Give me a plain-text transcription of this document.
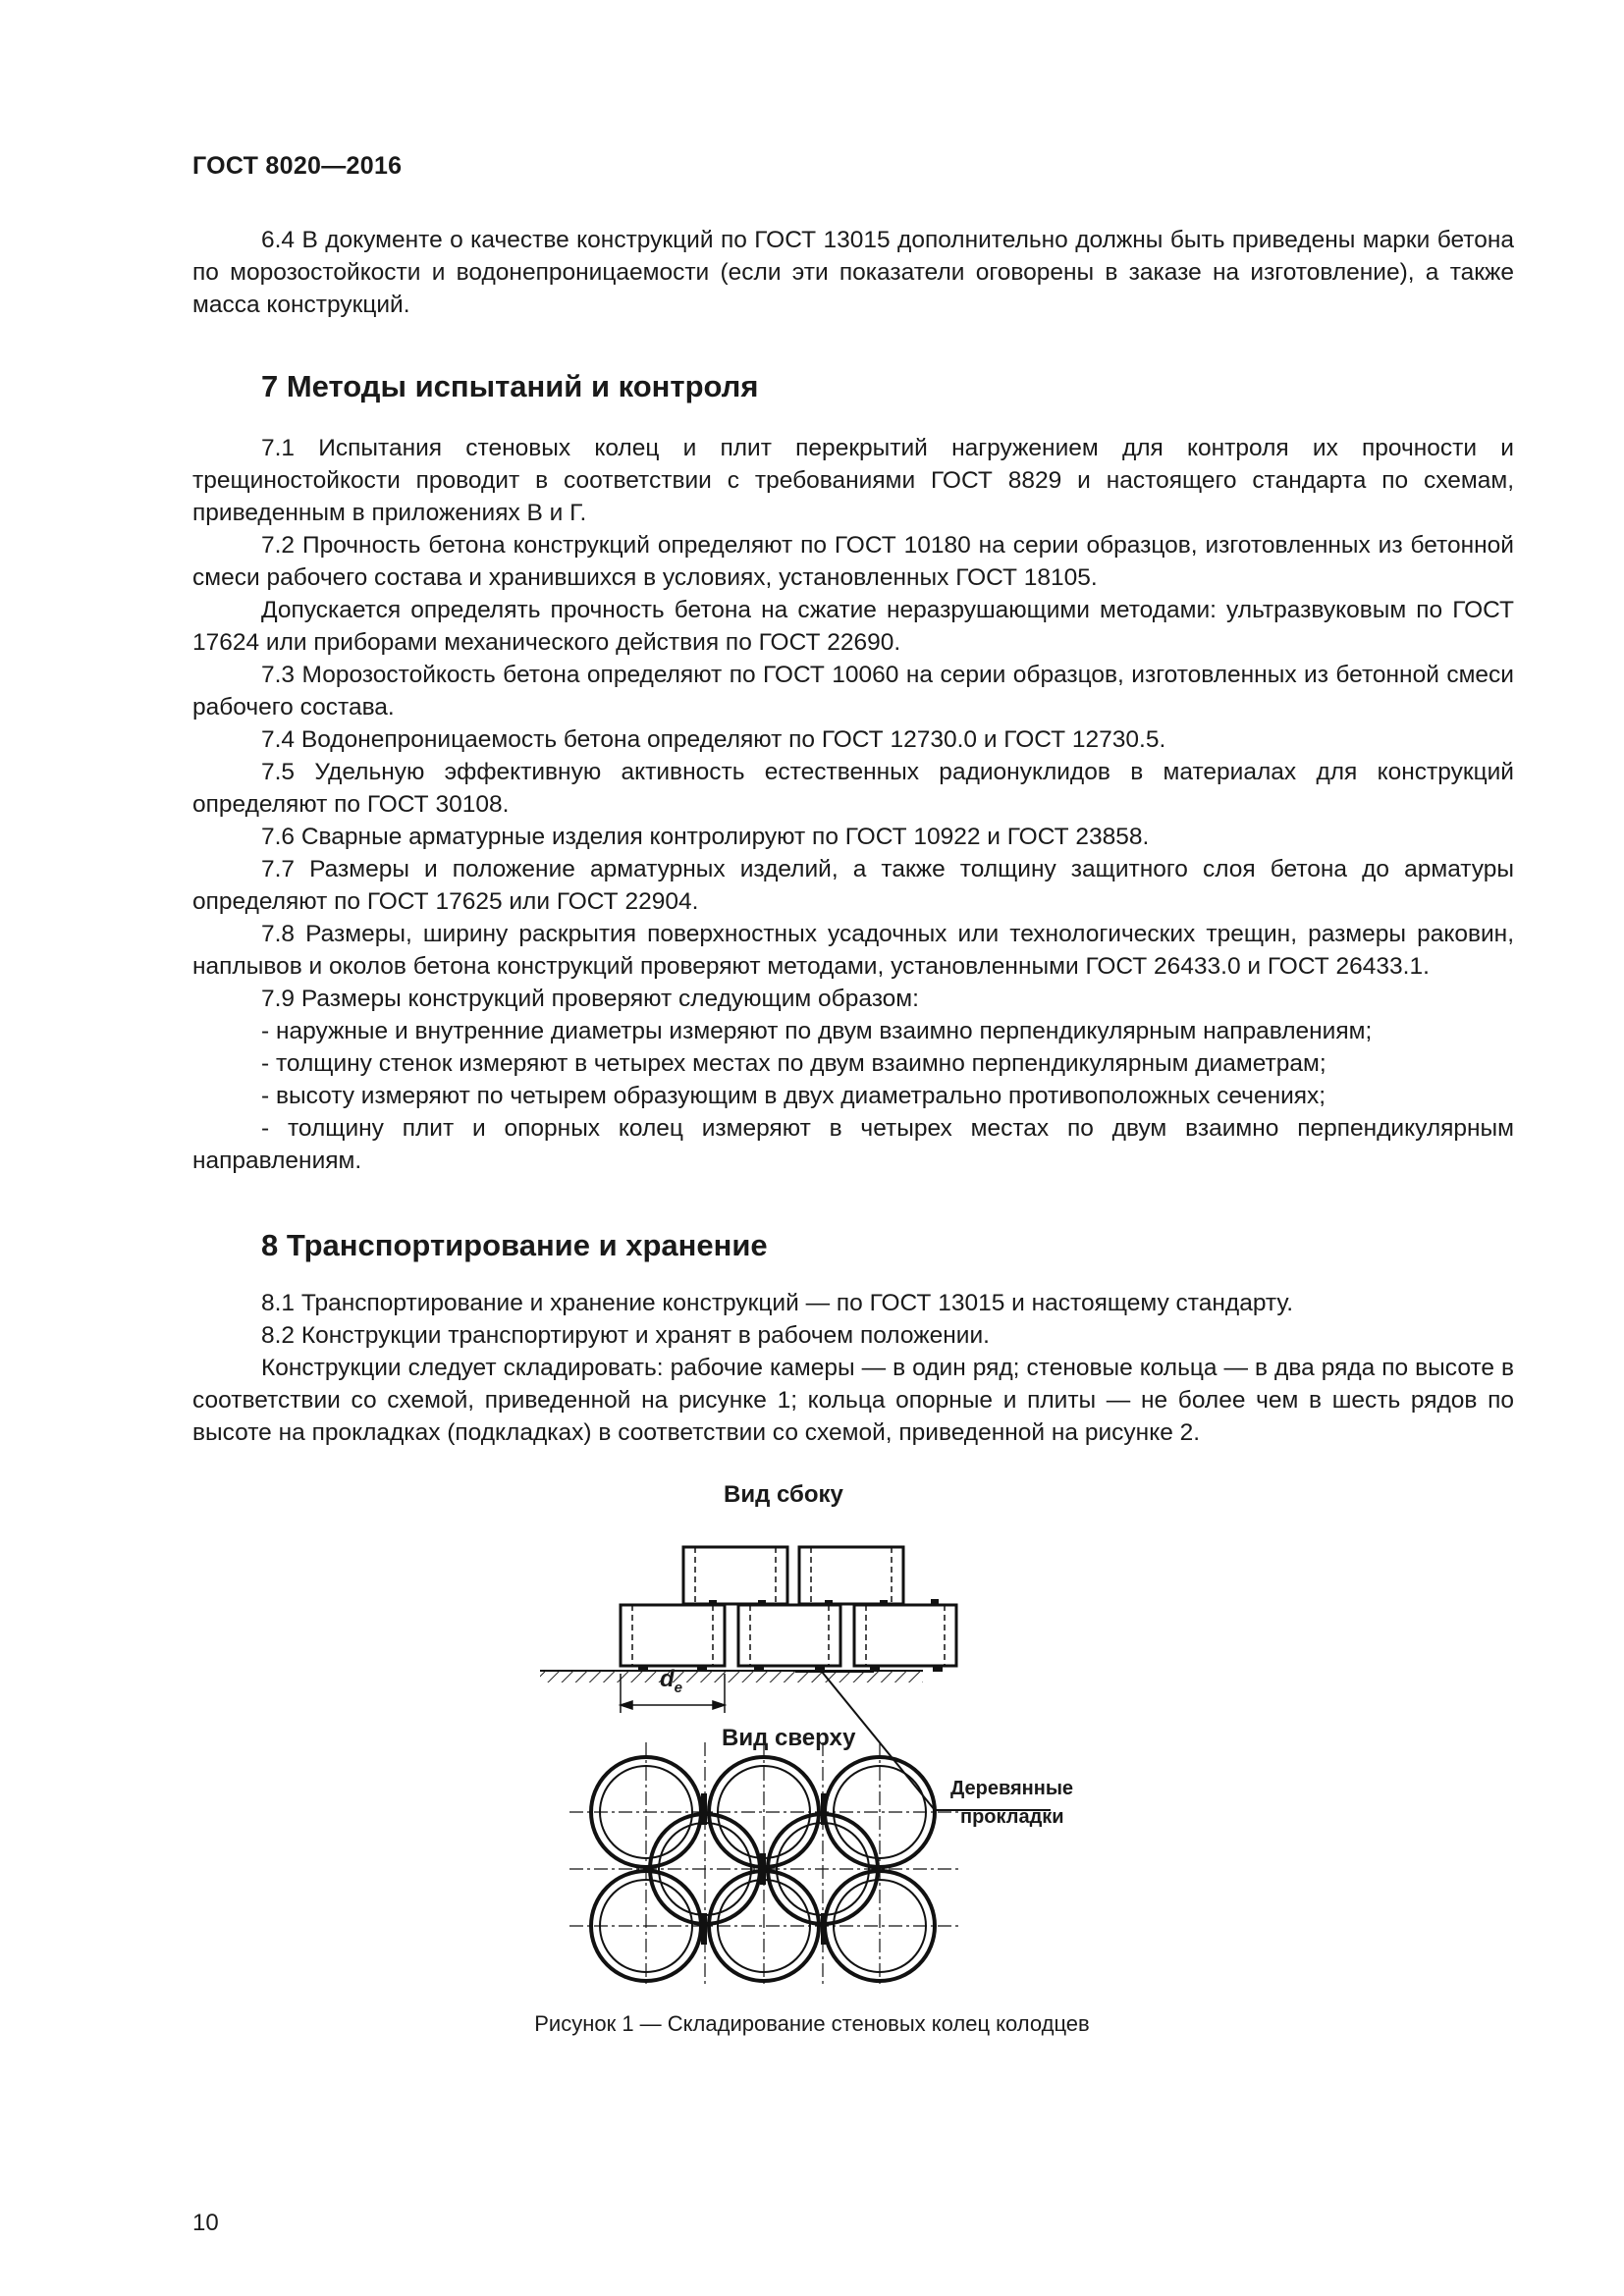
ГОСТ 8020—2016

6.4 В документе о качестве конструкций по ГОСТ 13015 дополнительно должны быть приведены марки бетона по морозостойкости и водонепроницаемости (если эти показатели оговорены в заказе на изготовление), а также масса конструкций.

7 Методы испытаний и контроля

7.1 Испытания стеновых колец и плит перекрытий нагружением для контроля их прочности и трещиностойкости проводит в соответствии с требованиями ГОСТ 8829 и настоящего стандарта по схемам, приведенным в приложениях В и Г.

7.2 Прочность бетона конструкций определяют по ГОСТ 10180 на серии образцов, изготовленных из бетонной смеси рабочего состава и хранившихся в условиях, установленных ГОСТ 18105.

Допускается определять прочность бетона на сжатие неразрушающими методами: ультразвуковым по ГОСТ 17624 или приборами механического действия по ГОСТ 22690.

7.3 Морозостойкость бетона определяют по ГОСТ 10060 на серии образцов, изготовленных из бетонной смеси рабочего состава.

7.4 Водонепроницаемость бетона определяют по ГОСТ 12730.0 и ГОСТ 12730.5.

7.5 Удельную эффективную активность естественных радионуклидов в материалах для конструкций определяют по ГОСТ 30108.

7.6 Сварные арматурные изделия контролируют по ГОСТ 10922 и ГОСТ 23858.

7.7 Размеры и положение арматурных изделий, а также толщину защитного слоя бетона до арматуры определяют по ГОСТ 17625 или ГОСТ 22904.

7.8 Размеры, ширину раскрытия поверхностных усадочных или технологических трещин, размеры раковин, наплывов и околов бетона конструкций проверяют методами, установленными ГОСТ 26433.0 и ГОСТ 26433.1.

7.9 Размеры конструкций проверяют следующим образом:

- наружные и внутренние диаметры измеряют по двум взаимно перпендикулярным направлениям;

- толщину стенок измеряют в четырех местах по двум взаимно перпендикулярным диаметрам;

- высоту измеряют по четырем образующим в двух диаметрально противоположных сечениях;

- толщину плит и опорных колец измеряют в четырех местах по двум взаимно перпендикулярным направлениям.

8 Транспортирование и хранение

8.1 Транспортирование и хранение конструкций — по ГОСТ 13015 и настоящему стандарту.

8.2 Конструкции транспортируют и хранят в рабочем положении.

Конструкции следует складировать: рабочие камеры — в один ряд; стеновые кольца — в два ряда по высоте в соответствии со схемой, приведенной на рисунке 1; кольца опорные и плиты — не более чем в шесть рядов по высоте на прокладках (подкладках) в соответствии со схемой, приведенной на рисунке 2.

Вид сбоку
Вид сверху
$d_e$
Деревянные
прокладки
Рисунок 1 — Складирование стеновых колец колодцев
10
